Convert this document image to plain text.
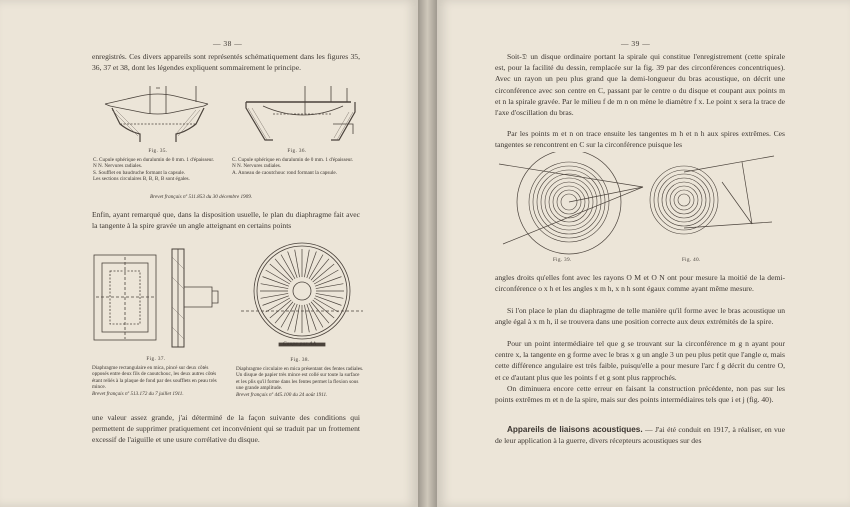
— 38 —

enregistrés. Ces divers appareils sont représentés schématiquement dans les figures 35, 36, 37 et 38, dont les légendes expliquent sommairement le principe.

Fig. 35.
C. Cupule sphérique en duralumin de 0 mm. 1 d'épaisseur.
N N. Nervures radiales.
S. Soufflet en baudruche formant la capsule.
Les sections circulaires B, B, B, B sont égales.
Fig. 36.
C. Cupule sphérique en duralumin de 0 mm. 1 d'épaisseur.
N N. Nervures radiales.
A. Anneau de caoutchouc rond formant la capsule.
Brevet français nº 511.853 du 30 décembre 1909.

Enfin, ayant remarqué que, dans la disposition usuelle, le plan du diaphragme fait avec la tangente à la spire gravée un angle atteignant en certains points

Fig. 37.
Diaphragme rectangulaire en mica, pincé sur deux côtés opposés entre deux fils de caoutchouc, les deux autres côtés étant reliés à la plaque de fond par des soufflets en peau très mince.
Brevet français nº 513.172 du 7 juillet 1911.
Coupe par AA
Fig. 38.
Diaphragme circulaire en mica présentant des fentes radiales. Un disque de papier très mince est collé sur toute la surface et les plis qu'il forme dans les fentes permet la flexion sous une grande amplitude.
Brevet français nº 445.100 du 24 août 1911.

une valeur assez grande, j'ai déterminé de la façon suivante des conditions qui permettent de supprimer pratiquement cet inconvénient qui se traduit par un frottement excessif de l'aiguille et une usure corrélative du disque.

— 39 —

Soit-𝔇 un disque ordinaire portant la spirale qui constitue l'enregistrement (cette spirale est, pour la facilité du dessin, remplacée sur la fig. 39 par des circonférences concentriques). Avec un rayon un peu plus grand que la demi-longueur du bras acoustique, on décrit une circonférence avec son centre en C, passant par le centre o du disque et coupant aux points m et n la spirale gravée. Par le milieu f de m n on mène le diamètre f x. Le point x sera la trace de l'axe d'oscillation du bras.

Par les points m et n on trace ensuite les tangentes m h et n h aux spires extrêmes. Ces tangentes se rencontrent en C sur la circonférence puisque les

Fig. 39.	Fig. 40.

angles droits qu'elles font avec les rayons O M et O N ont pour mesure la moitié de la demi-circonférence o x h et les angles x m h, x n h sont égaux comme ayant même mesure.

Si l'on place le plan du diaphragme de telle manière qu'il forme avec le bras acoustique un angle égal à x m h, il se trouvera dans une position correcte aux deux extrémités de la spire.

Pour un point intermédiaire tel que g se trouvant sur la circonférence m g n ayant pour centre x, la tangente en g forme avec le bras x g un angle 3 un peu plus petit que l'angle α, mais cette différence angulaire est très faible, puisqu'elle a pour mesure l'arc f g décrit du centre O, et ce d'autant plus que les points f et g sont plus rapprochés.

On diminuera encore cette erreur en faisant la construction précédente, non pas sur les points extrêmes m et n de la spire, mais sur des points intermédiaires tels que i et j (fig. 40).

Appareils de liaisons acoustiques. — J'ai été conduit en 1917, à réaliser, en vue de leur application à la guerre, divers récepteurs acoustiques sur des
